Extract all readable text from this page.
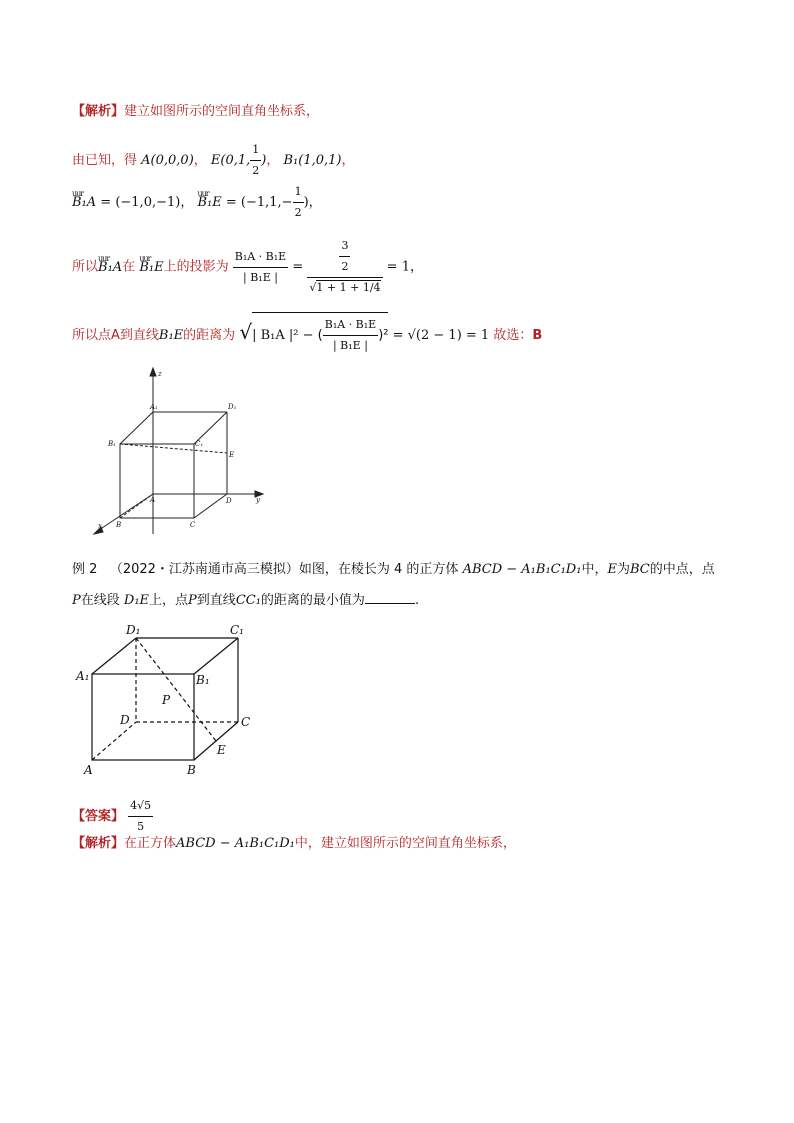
【解析】建立如图所示的空间直角坐标系，
由已知，得 A(0,0,0)， E(0,1, $\frac{1}{2}$ )， B₁(1,0,1)，
uur B₁A = (−1,0,−1)， uur $B_1E = (-1,1,- \frac{1}{2}$ )，
所以uur B₁A在 uur B₁E上的投影为 $\frac{\text{B₁A · B₁E}}{\text{| B₁E |}} = \frac{\frac{3}{2}}{√1 + 1 + 1/4} = 1$，
所以点A到直线B₁E的距离为 √| B₁A |² − ( $\frac{\text{B₁A · B₁E}}{\text{| B₁E |}} )^2 = √(2 - 1) = 1$ 故选：B
z
A₁	D₁
B₁	C₁
E
A	D	y
B	C
x
例 2 （2022・江苏南通市高三模拟）如图，在棱长为 4 的正方体 ABCD − A₁B₁C₁D₁中，E为BC的中点，点
P在线段 D₁E上，点P到直线CC₁的距离的最小值为	.
D₁	C₁
A₁	B₁
P
D	C
E
A	B
【答案】 $\frac{4√5}{5}$
【解析】在正方体ABCD − A₁B₁C₁D₁中，建立如图所示的空间直角坐标系，
